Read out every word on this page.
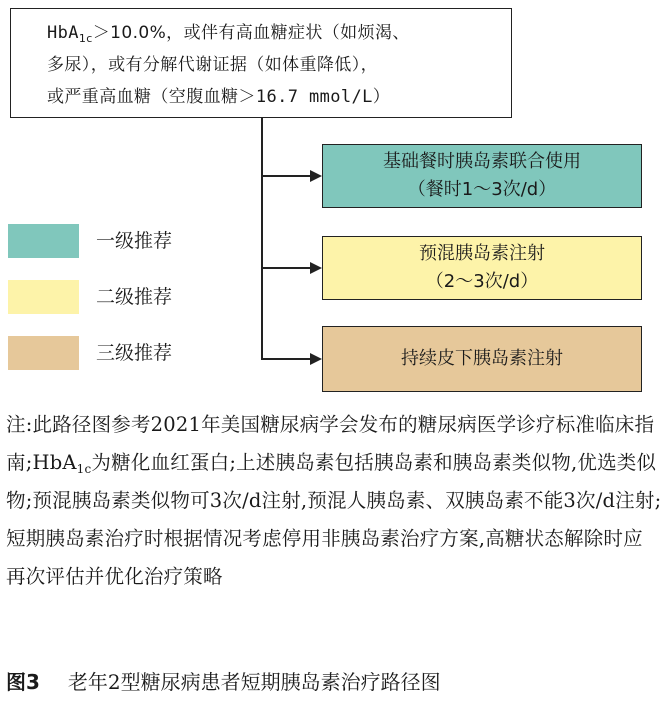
HbA$_{1c}$＞10.0%，或伴有高血糖症状（如烦渴、
多尿），或有分解代谢证据（如体重降低），
或严重高血糖（空腹血糖＞16.7 mmol/L）
基础餐时胰岛素联合使用
（餐时1～3次/d）
预混胰岛素注射
（2～3次/d）
持续皮下胰岛素注射
一级推荐
二级推荐
三级推荐
注:此路径图参考2021年美国糖尿病学会发布的糖尿病医学诊疗标准临床指南;HbA$_{1c}$为糖化血红蛋白;上述胰岛素包括胰岛素和胰岛素类似物,优选类似物;预混胰岛素类似物可3次/d注射,预混人胰岛素、双胰岛素不能3次/d注射;短期胰岛素治疗时根据情况考虑停用非胰岛素治疗方案,高糖状态解除时应再次评估并优化治疗策略
图3 老年2型糖尿病患者短期胰岛素治疗路径图
